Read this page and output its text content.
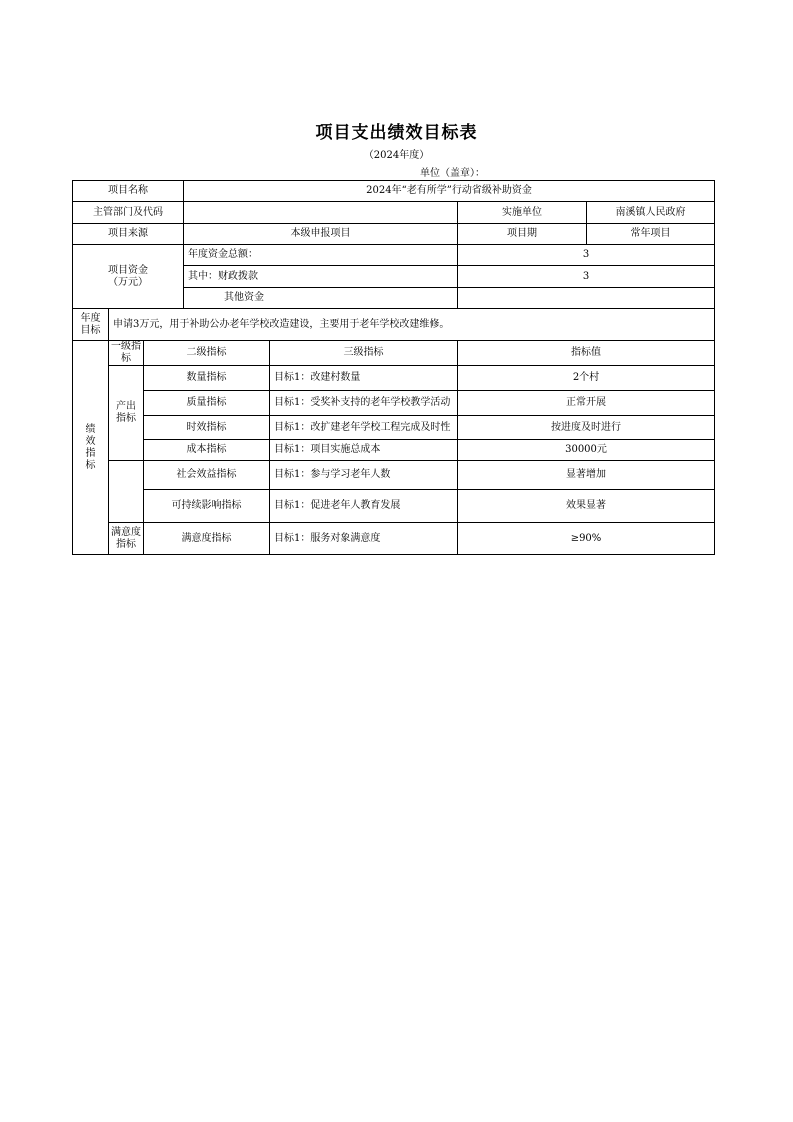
项目支出绩效目标表
（2024年度）
单位（盖章）：
项目名称			2024年“老有所学”行动省级补助资金			
主管部门及代码					实施单位	南溪镇人民政府
项目来源			本级申报项目		项目期	常年项目
项目资金
（万元）			年度资金总额：		3	
			其中：财政拨款		3	
			其他资金			
年度
目标	申请3万元，用于补助公办老年学校改造建设，主要用于老年学校改建维修。					
绩效指标	一级指标	二级指标		三级指标	指标值	
	产出指标	数量指标		目标1：改建村数量	2个村	
		质量指标		目标1：受奖补支持的老年学校教学活动	正常开展	
		时效指标		目标1：改扩建老年学校工程完成及时性	按进度及时进行	
		成本指标		目标1：项目实施总成本	30000元	
		社会效益指标		目标1：参与学习老年人数	显著增加	
		可持续影响指标		目标1：促进老年人教育发展	效果显著	
	满意度指标	满意度指标		目标1：服务对象满意度	≥90%	
